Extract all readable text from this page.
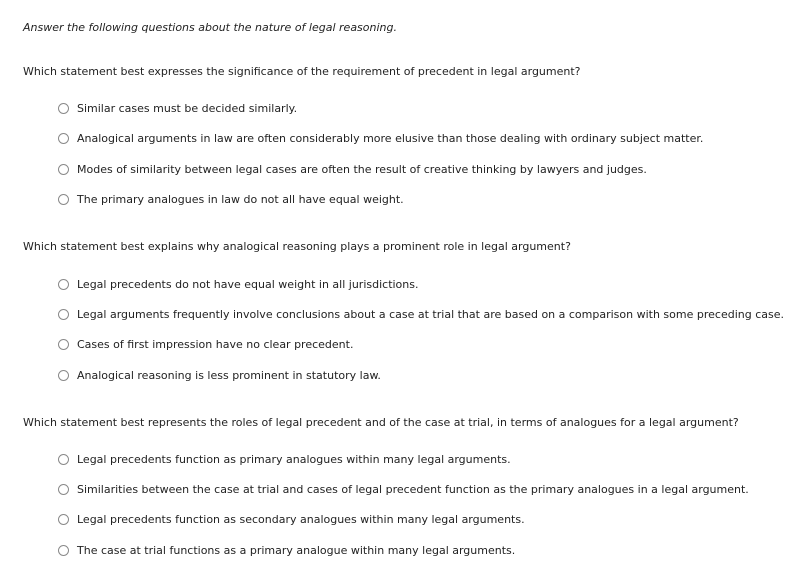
Answer the following questions about the nature of legal reasoning.
Which statement best expresses the significance of the requirement of precedent in legal argument?
Similar cases must be decided similarly.
Analogical arguments in law are often considerably more elusive than those dealing with ordinary subject matter.
Modes of similarity between legal cases are often the result of creative thinking by lawyers and judges.
The primary analogues in law do not all have equal weight.
Which statement best explains why analogical reasoning plays a prominent role in legal argument?
Legal precedents do not have equal weight in all jurisdictions.
Legal arguments frequently involve conclusions about a case at trial that are based on a comparison with some preceding case.
Cases of first impression have no clear precedent.
Analogical reasoning is less prominent in statutory law.
Which statement best represents the roles of legal precedent and of the case at trial, in terms of analogues for a legal argument?
Legal precedents function as primary analogues within many legal arguments.
Similarities between the case at trial and cases of legal precedent function as the primary analogues in a legal argument.
Legal precedents function as secondary analogues within many legal arguments.
The case at trial functions as a primary analogue within many legal arguments.
